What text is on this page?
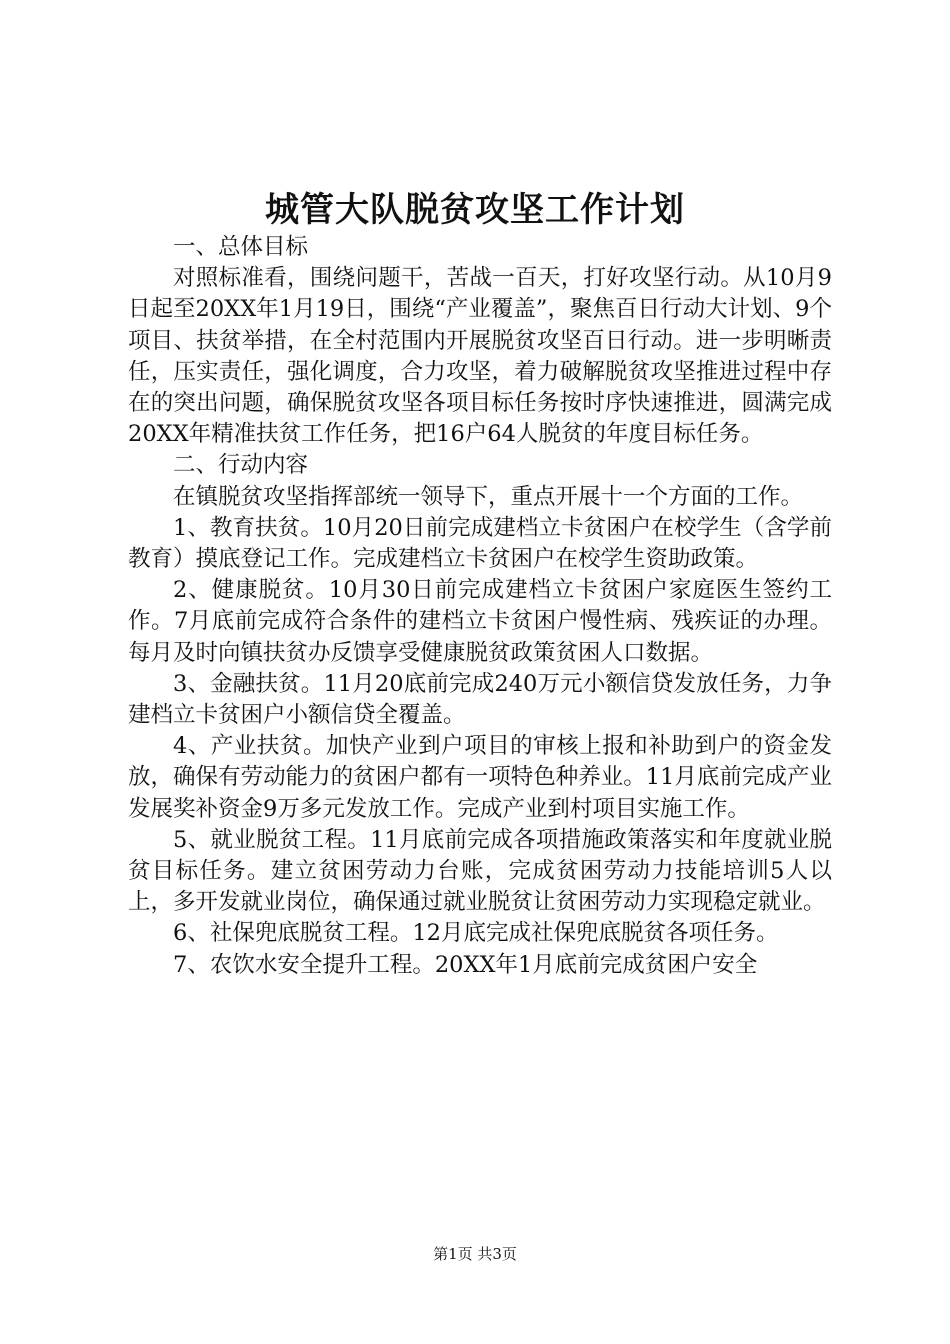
城管大队脱贫攻坚工作计划

一、总体目标

对照标准看，围绕问题干，苦战一百天，打好攻坚行动。从10月9日起至20XX年1月19日，围绕“产业覆盖”，聚焦百日行动大计划、9个项目、扶贫举措，在全村范围内开展脱贫攻坚百日行动。进一步明晰责任，压实责任，强化调度，合力攻坚，着力破解脱贫攻坚推进过程中存在的突出问题，确保脱贫攻坚各项目标任务按时序快速推进，圆满完成20XX年精准扶贫工作任务，把16户64人脱贫的年度目标任务。

二、行动内容

在镇脱贫攻坚指挥部统一领导下，重点开展十一个方面的工作。

1、教育扶贫。10月20日前完成建档立卡贫困户在校学生（含学前教育）摸底登记工作。完成建档立卡贫困户在校学生资助政策。

2、健康脱贫。10月30日前完成建档立卡贫困户家庭医生签约工作。7月底前完成符合条件的建档立卡贫困户慢性病、残疾证的办理。每月及时向镇扶贫办反馈享受健康脱贫政策贫困人口数据。

3、金融扶贫。11月20底前完成240万元小额信贷发放任务，力争建档立卡贫困户小额信贷全覆盖。

4、产业扶贫。加快产业到户项目的审核上报和补助到户的资金发放，确保有劳动能力的贫困户都有一项特色种养业。11月底前完成产业发展奖补资金9万多元发放工作。完成产业到村项目实施工作。

5、就业脱贫工程。11月底前完成各项措施政策落实和年度就业脱贫目标任务。建立贫困劳动力台账，完成贫困劳动力技能培训5人以上，多开发就业岗位，确保通过就业脱贫让贫困劳动力实现稳定就业。

6、社保兜底脱贫工程。12月底完成社保兜底脱贫各项任务。

7、农饮水安全提升工程。20XX年1月底前完成贫困户安全

第1页 共3页
